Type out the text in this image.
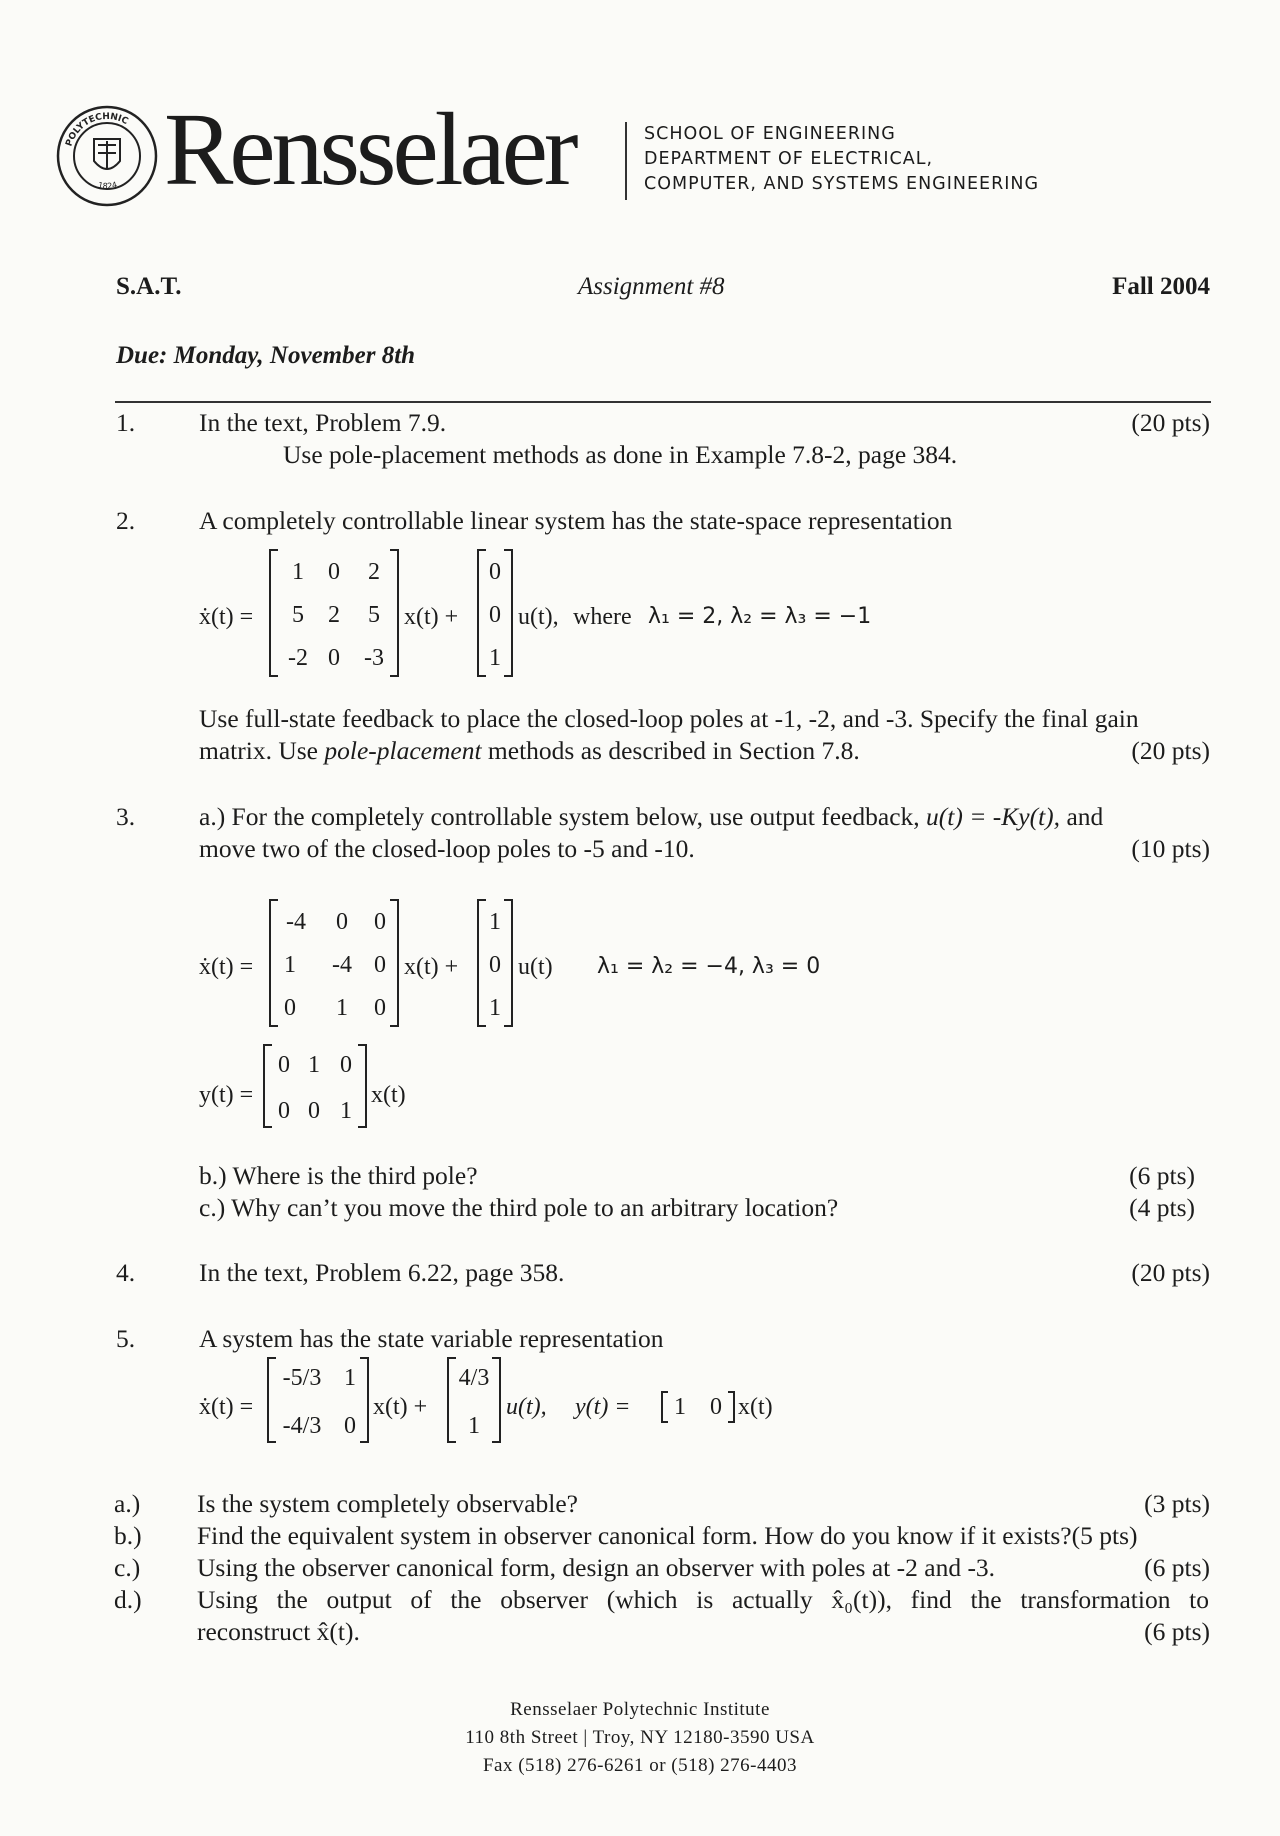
POLYTECHNIC
1824 Rensselaer	SCHOOL OF ENGINEERING
DEPARTMENT OF ELECTRICAL,
COMPUTER, AND SYSTEMS ENGINEERING
S.A.T.	Assignment #8	Fall 2004
Due: Monday, November 8th
1.	In the text, Problem 7.9.	(20 pts)
Use pole-placement methods as done in Example 7.8-2, page 384.
2.	A completely controllable linear system has the state-space representation
ẋ(t) =
1	0	2
5	2	5
-2 0	-3
x(t) +
0
0
1
u(t), where λ₁ = 2, λ₂ = λ₃ = −1
Use full-state feedback to place the closed-loop poles at -1, -2, and -3. Specify the final gain
matrix. Use pole-placement methods as described in Section 7.8.	(20 pts)
3.	a.) For the completely controllable system below, use output feedback, u(t) = -Ky(t), and
move two of the closed-loop poles to -5 and -10.	(10 pts)
ẋ(t) =
-4	0	0
1	-4 0
0	1	0
x(t) +
1
0
1
u(t) λ₁ = λ₂ = −4, λ₃ = 0
y(t) =
0 1 0
0 0 1
x(t)
b.) Where is the third pole?	(6 pts)
c.) Why can’t you move the third pole to an arbitrary location?	(4 pts)
4.	In the text, Problem 6.22, page 358.	(20 pts)
5.	A system has the state variable representation
ẋ(t) =
-5/3 1
-4/3 0
x(t) +
4/3
1
u(t), y(t) =	1	0 x(t)
a.) Is the system completely observable?	(3 pts)
b.) Find the equivalent system in observer canonical form. How do you know if it exists?(5 pts)
c.) Using the observer canonical form, design an observer with poles at -2 and -3.	(6 pts)
d.) Using the output of the observer (which is actually x̂₀(t)), find the transformation to
reconstruct x̂(t).	(6 pts)
Rensselaer Polytechnic Institute
110 8th Street | Troy, NY 12180-3590 USA
Fax (518) 276-6261 or (518) 276-4403
